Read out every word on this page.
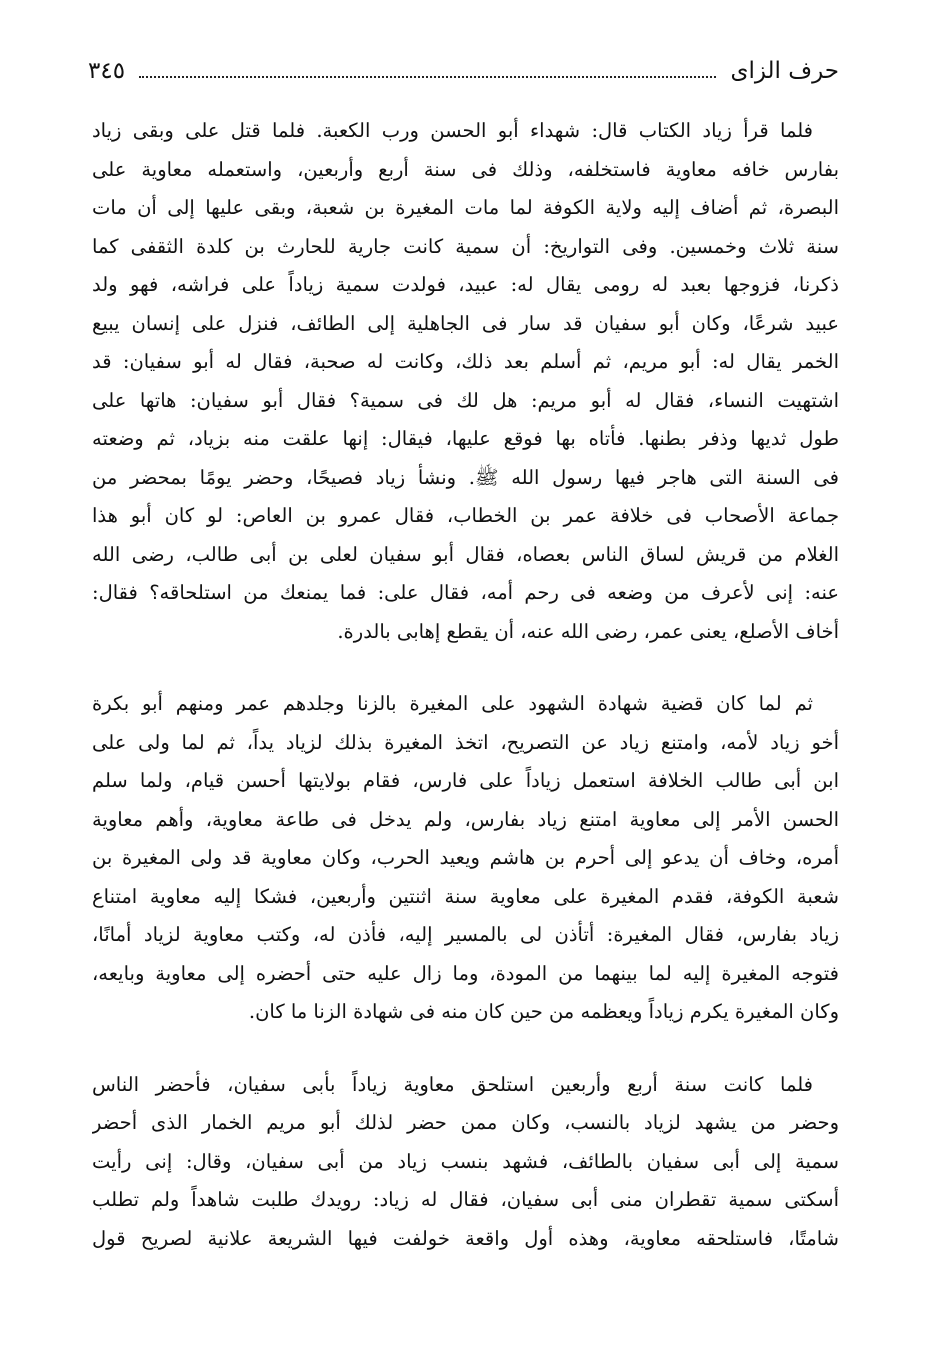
حرف الزاى
٣٤٥
فلما قرأ زياد الكتاب قال: شهداء أبو الحسن ورب الكعبة. فلما قتل على وبقى زياد
بفارس خافه معاوية فاستخلفه، وذلك فى سنة أربع وأربعين، واستعمله معاوية على
البصرة، ثم أضاف إليه ولاية الكوفة لما مات المغيرة بن شعبة، وبقى عليها إلى أن مات
سنة ثلاث وخمسين. وفى التواريخ: أن سمية كانت جارية للحارث بن كلدة الثقفى كما
ذكرنا، فزوجها بعبد له رومى يقال له: عبيد، فولدت سمية زياداً على فراشه، فهو ولد
عبيد شرعًا، وكان أبو سفيان قد سار فى الجاهلية إلى الطائف، فنزل على إنسان يبيع
الخمر يقال له: أبو مريم، ثم أسلم بعد ذلك، وكانت له صحبة، فقال له أبو سفيان: قد
اشتهيت النساء، فقال له أبو مريم: هل لك فى سمية؟ فقال أبو سفيان: هاتها على
طول ثديها وذفر بطنها. فأتاه بها فوقع عليها، فيقال: إنها علقت منه بزياد، ثم وضعته
فى السنة التى هاجر فيها رسول الله ﷺ. ونشأ زياد فصيحًا، وحضر يومًا بمحضر من
جماعة الأصحاب فى خلافة عمر بن الخطاب، فقال عمرو بن العاص: لو كان أبو هذا
الغلام من قريش لساق الناس بعصاه، فقال أبو سفيان لعلى بن أبى طالب، رضى الله
عنه: إنى لأعرف من وضعه فى رحم أمه، فقال على: فما يمنعك من استلحاقه؟ فقال:
أخاف الأصلع، يعنى عمر، رضى الله عنه، أن يقطع إهابى بالدرة.
ثم لما كان قضية شهادة الشهود على المغيرة بالزنا وجلدهم عمر ومنهم أبو بكرة
أخو زياد لأمه، وامتنع زياد عن التصريح، اتخذ المغيرة بذلك لزياد يداً، ثم لما ولى على
ابن أبى طالب الخلافة استعمل زياداً على فارس، فقام بولايتها أحسن قيام، ولما سلم
الحسن الأمر إلى معاوية امتنع زياد بفارس، ولم يدخل فى طاعة معاوية، وأهم معاوية
أمره، وخاف أن يدعو إلى أحرم بن هاشم ويعيد الحرب، وكان معاوية قد ولى المغيرة بن
شعبة الكوفة، فقدم المغيرة على معاوية سنة اثنتين وأربعين، فشكا إليه معاوية امتناع
زياد بفارس، فقال المغيرة: أتأذن لى بالمسير إليه، فأذن له، وكتب معاوية لزياد أمانًا،
فتوجه المغيرة إليه لما بينهما من المودة، وما زال عليه حتى أحضره إلى معاوية وبايعه،
وكان المغيرة يكرم زياداً ويعظمه من حين كان منه فى شهادة الزنا ما كان.
فلما كانت سنة أربع وأربعين استلحق معاوية زياداً بأبى سفيان، فأحضر الناس
وحضر من يشهد لزياد بالنسب، وكان ممن حضر لذلك أبو مريم الخمار الذى أحضر
سمية إلى أبى سفيان بالطائف، فشهد بنسب زياد من أبى سفيان، وقال: إنى رأيت
أسكتى سمية تقطران منى أبى سفيان، فقال له زياد: رويدك طلبت شاهداً ولم تطلب
شامتًا، فاستلحقه معاوية، وهذه أول واقعة خولفت فيها الشريعة علانية لصريح قول
